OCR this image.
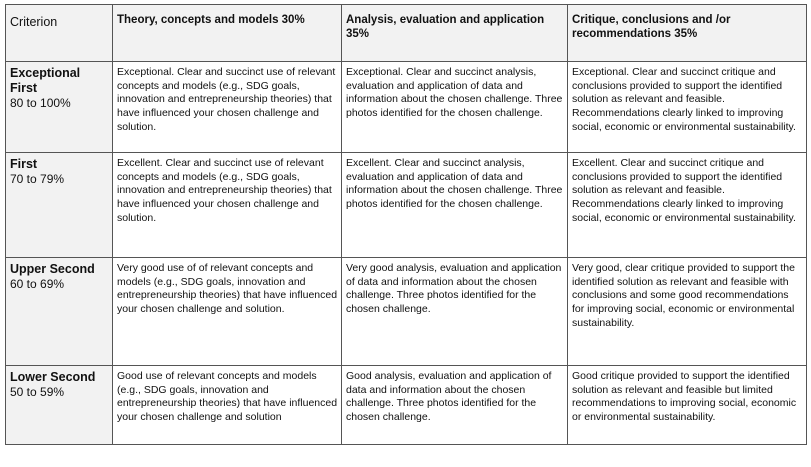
Criterion	Theory, concepts and models 30%	Analysis, evaluation and application 35%	Critique, conclusions and /or recommendations 35%

Exceptional First
80 to 100%	Exceptional. Clear and succinct use of relevant concepts and models (e.g., SDG goals, innovation and entrepreneurship theories) that have influenced your chosen challenge and solution.	Exceptional. Clear and succinct analysis, evaluation and application of data and information about the chosen challenge. Three photos identified for the chosen challenge.	Exceptional. Clear and succinct critique and conclusions provided to support the identified solution as relevant and feasible. Recommendations clearly linked to improving social, economic or environmental sustainability.

First
70 to 79%	Excellent. Clear and succinct use of relevant concepts and models (e.g., SDG goals, innovation and entrepreneurship theories) that have influenced your chosen challenge and solution.	Excellent. Clear and succinct analysis, evaluation and application of data and information about the chosen challenge. Three photos identified for the chosen challenge.	Excellent. Clear and succinct critique and conclusions provided to support the identified solution as relevant and feasible. Recommendations clearly linked to improving social, economic or environmental sustainability.

Upper Second
60 to 69%	Very good use of of relevant concepts and models (e.g., SDG goals, innovation and entrepreneurship theories) that have influenced your chosen challenge and solution.	Very good analysis, evaluation and application of data and information about the chosen challenge. Three photos identified for the chosen challenge.	Very good, clear critique provided to support the identified solution as relevant and feasible with conclusions and some good recommendations for improving social, economic or environmental sustainability.

Lower Second
50 to 59%	Good use of relevant concepts and models (e.g., SDG goals, innovation and entrepreneurship theories) that have influenced your chosen challenge and solution	Good analysis, evaluation and application of data and information about the chosen challenge. Three photos identified for the chosen challenge.	Good critique provided to support the identified solution as relevant and feasible but limited recommendations to improving social, economic or environmental sustainability.
